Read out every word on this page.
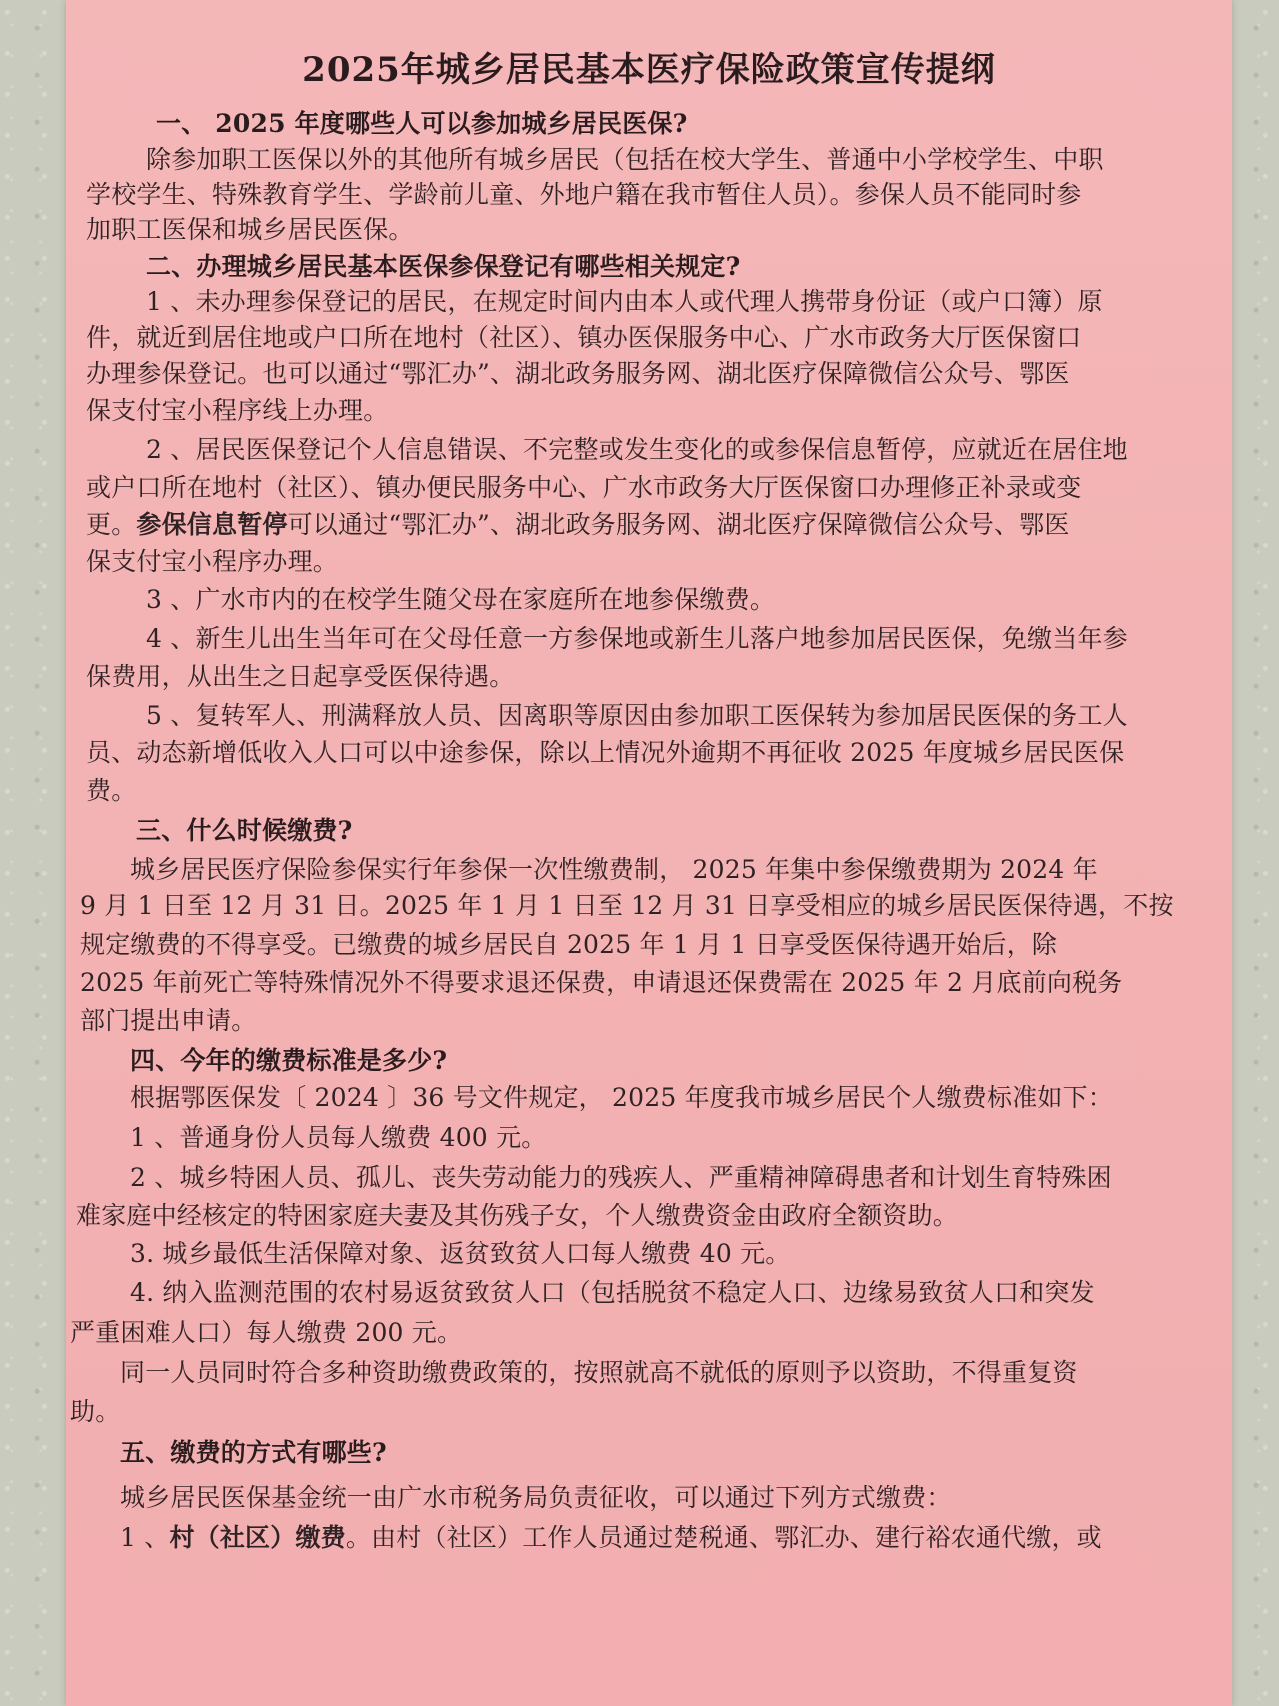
2025年城乡居民基本医疗保险政策宣传提纲
一、 2025 年度哪些人可以参加城乡居民医保?
除参加职工医保以外的其他所有城乡居民（包括在校大学生、普通中小学校学生、中职
学校学生、特殊教育学生、学龄前儿童、外地户籍在我市暂住人员）。参保人员不能同时参
加职工医保和城乡居民医保。
二、办理城乡居民基本医保参保登记有哪些相关规定?
1 、未办理参保登记的居民，在规定时间内由本人或代理人携带身份证（或户口簿）原
件，就近到居住地或户口所在地村（社区）、镇办医保服务中心、广水市政务大厅医保窗口
办理参保登记。也可以通过“鄂汇办”、湖北政务服务网、湖北医疗保障微信公众号、鄂医
保支付宝小程序线上办理。
2 、居民医保登记个人信息错误、不完整或发生变化的或参保信息暂停，应就近在居住地
或户口所在地村（社区）、镇办便民服务中心、广水市政务大厅医保窗口办理修正补录或变
更。参保信息暂停可以通过“鄂汇办”、湖北政务服务网、湖北医疗保障微信公众号、鄂医
保支付宝小程序办理。
3 、广水市内的在校学生随父母在家庭所在地参保缴费。
4 、新生儿出生当年可在父母任意一方参保地或新生儿落户地参加居民医保，免缴当年参
保费用，从出生之日起享受医保待遇。
5 、复转军人、刑满释放人员、因离职等原因由参加职工医保转为参加居民医保的务工人
员、动态新增低收入人口可以中途参保，除以上情况外逾期不再征收 2025 年度城乡居民医保
费。
三、什么时候缴费?
城乡居民医疗保险参保实行年参保一次性缴费制， 2025 年集中参保缴费期为 2024 年
9 月 1 日至 12 月 31 日。2025 年 1 月 1 日至 12 月 31 日享受相应的城乡居民医保待遇，不按
规定缴费的不得享受。已缴费的城乡居民自 2025 年 1 月 1 日享受医保待遇开始后，除
2025 年前死亡等特殊情况外不得要求退还保费，申请退还保费需在 2025 年 2 月底前向税务
部门提出申请。
四、今年的缴费标准是多少?
根据鄂医保发〔 2024 〕36 号文件规定， 2025 年度我市城乡居民个人缴费标准如下：
1 、普通身份人员每人缴费 400 元。
2 、城乡特困人员、孤儿、丧失劳动能力的残疾人、严重精神障碍患者和计划生育特殊困
难家庭中经核定的特困家庭夫妻及其伤残子女，个人缴费资金由政府全额资助。
3. 城乡最低生活保障对象、返贫致贫人口每人缴费 40 元。
4. 纳入监测范围的农村易返贫致贫人口（包括脱贫不稳定人口、边缘易致贫人口和突发
严重困难人口）每人缴费 200 元。
同一人员同时符合多种资助缴费政策的，按照就高不就低的原则予以资助，不得重复资
助。
五、缴费的方式有哪些?
城乡居民医保基金统一由广水市税务局负责征收，可以通过下列方式缴费：
1 、村（社区）缴费。由村（社区）工作人员通过楚税通、鄂汇办、建行裕农通代缴，或
